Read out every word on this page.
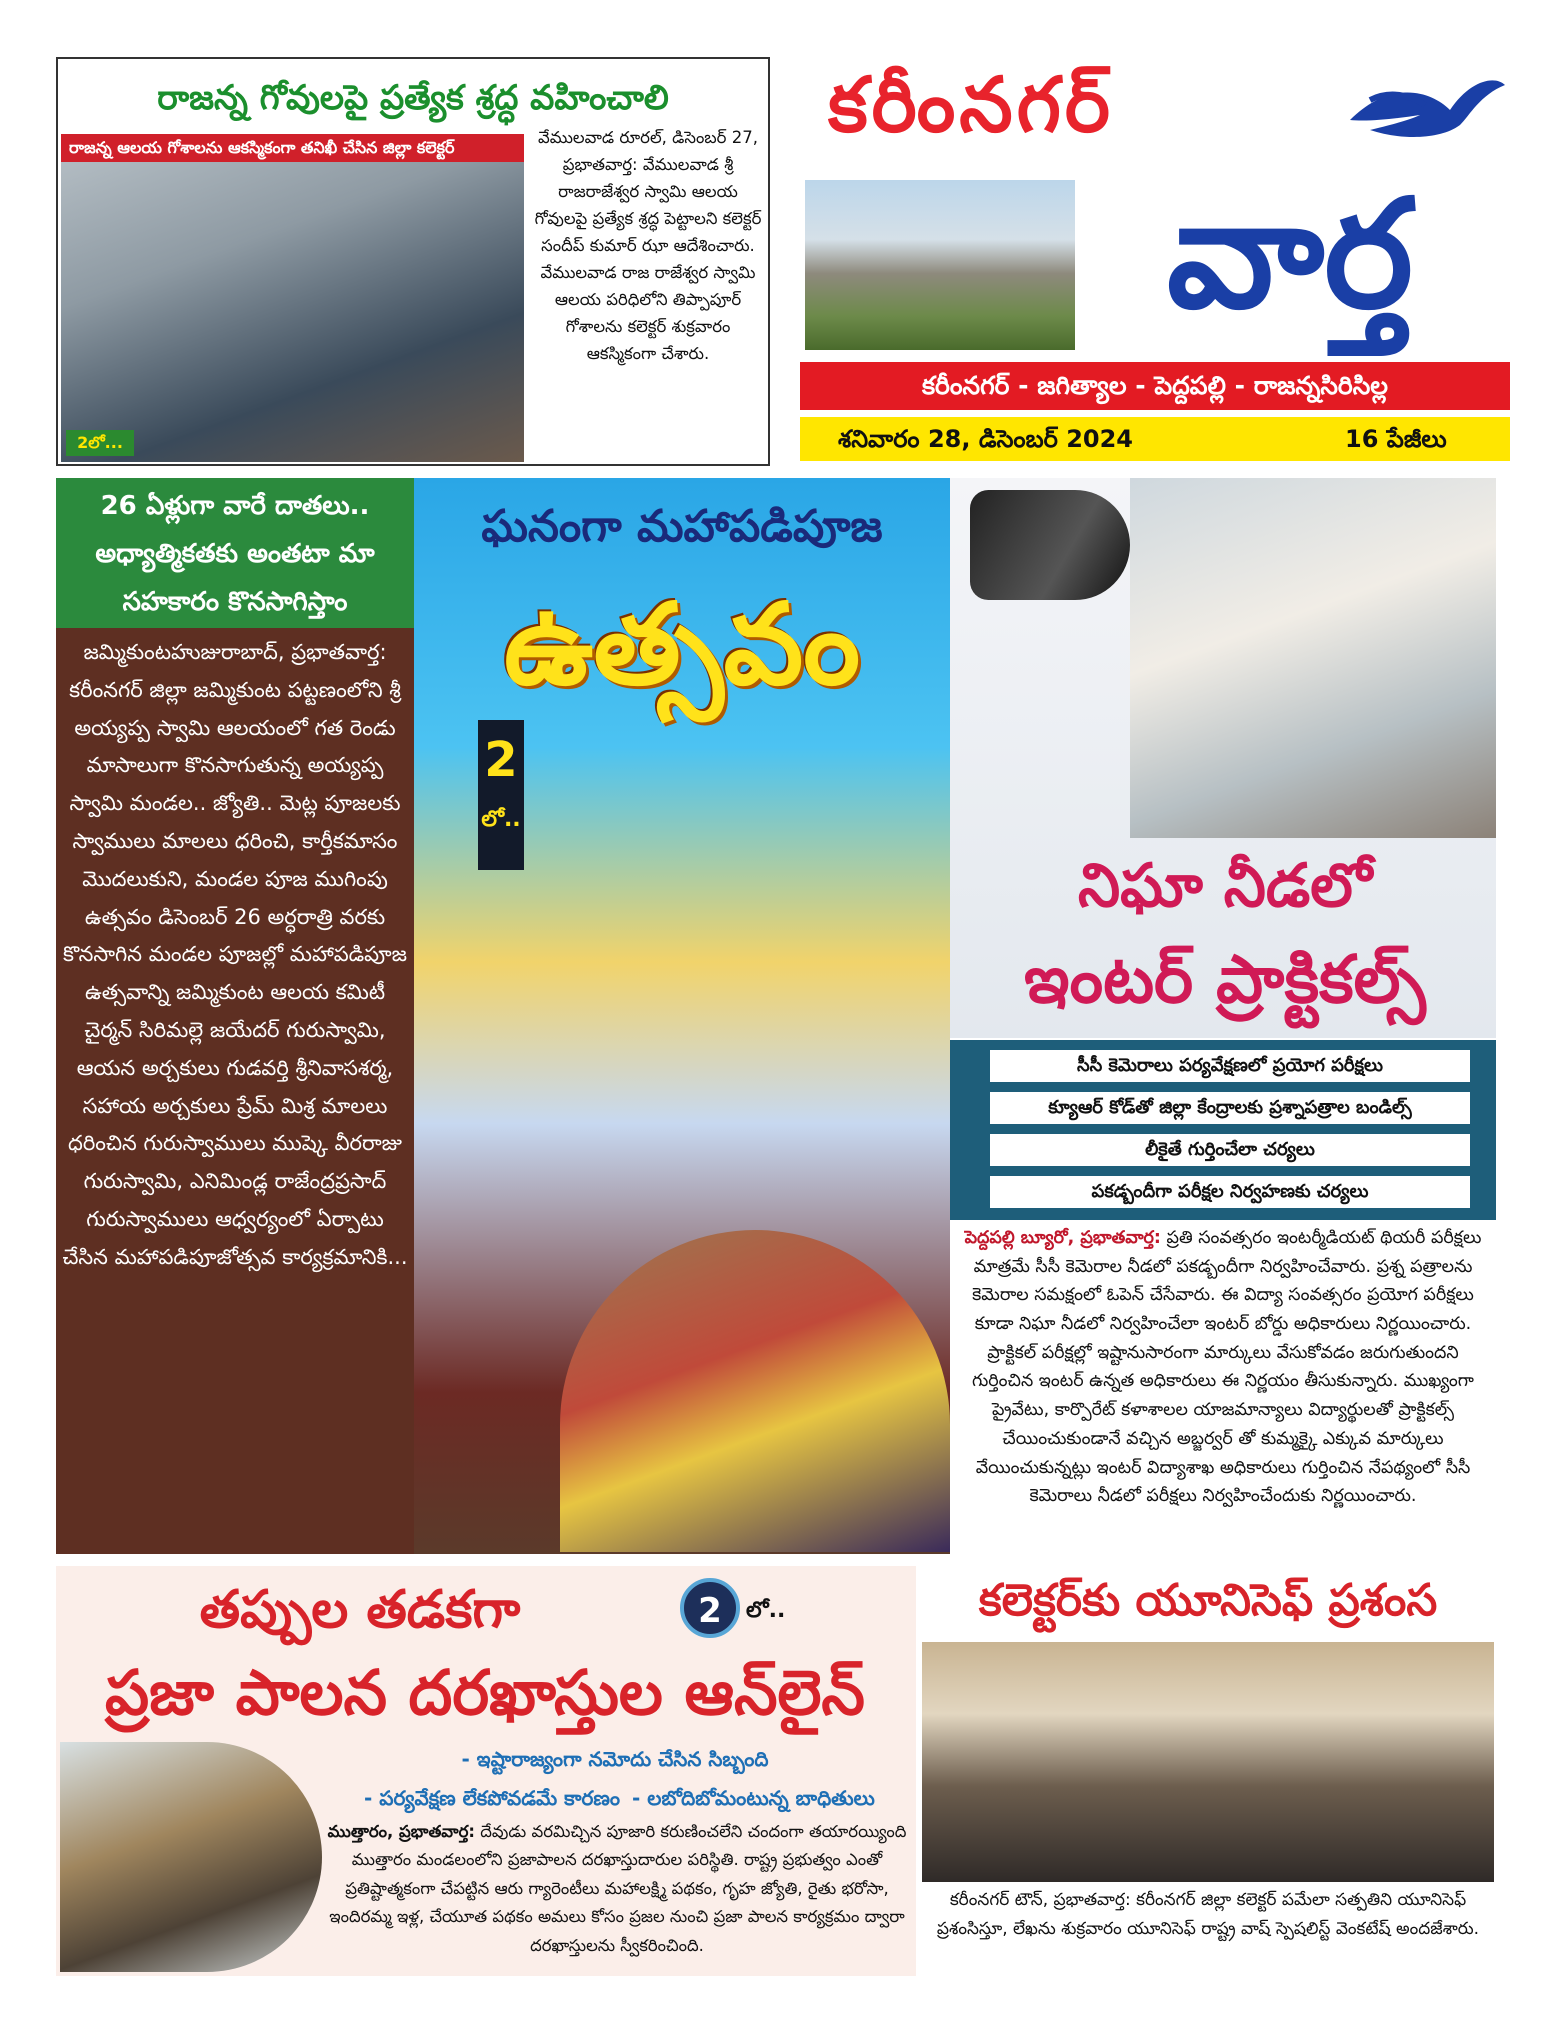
రాజన్న గోవులపై ప్రత్యేక శ్రద్ధ వహించాలి
రాజన్న ఆలయ గోశాలను ఆకస్మికంగా తనిఖీ చేసిన జిల్లా కలెక్టర్
2లో...
వేములవాడ రూరల్, డిసెంబర్ 27, ప్రభాతవార్త: వేములవాడ శ్రీ రాజరాజేశ్వర స్వామి ఆలయ గోవులపై ప్రత్యేక శ్రద్ధ పెట్టాలని కలెక్టర్ సందీప్ కుమార్ ఝా ఆదేశించారు. వేములవాడ రాజ రాజేశ్వర స్వామి ఆలయ పరిధిలోని తిప్పాపూర్ గోశాలను కలెక్టర్ శుక్రవారం ఆకస్మికంగా చేశారు.
కరీంనగర్
వార్త
కరీంనగర్ - జగిత్యాల - పెద్దపల్లి - రాజన్నసిరిసిల్ల
శనివారం 28, డిసెంబర్ 2024	16 పేజీలు
26 ఏళ్లుగా వారే దాతలు.. అధ్యాత్మికతకు అంతటా మా సహకారం కొనసాగిస్తాం
జమ్మికుంటహుజురాబాద్, ప్రభాతవార్త: కరీంనగర్ జిల్లా జమ్మికుంట పట్టణంలోని శ్రీ అయ్యప్ప స్వామి ఆలయంలో గత రెండు మాసాలుగా కొనసాగుతున్న అయ్యప్ప స్వామి మండల.. జ్యోతి.. మెట్ల పూజలకు స్వాములు మాలలు ధరించి, కార్తీకమాసం మొదలుకుని, మండల పూజ ముగింపు ఉత్సవం డిసెంబర్ 26 అర్ధరాత్రి వరకు కొనసాగిన మండల పూజల్లో మహాపడిపూజ ఉత్సవాన్ని జమ్మికుంట ఆలయ కమిటీ చైర్మన్ సిరిమల్లె జయేదర్ గురుస్వామి, ఆయన అర్చకులు గుడవర్తి శ్రీనివాసశర్మ, సహాయ అర్చకులు ప్రేమ్ మిశ్ర మాలలు ధరించిన గురుస్వాములు ముష్కె వీరరాజు గురుస్వామి, ఎనిమిండ్ల రాజేంద్రప్రసాద్ గురుస్వాములు ఆధ్వర్యంలో ఏర్పాటు చేసిన మహాపడిపూజోత్సవ కార్యక్రమానికి...
ఘనంగా మహాపడిపూజ
ఉత్సవం
2
లో..
నిఘా నీడలో
ఇంటర్ ప్రాక్టికల్స్
సీసీ కెమెరాలు పర్యవేక్షణలో ప్రయోగ పరీక్షలు
క్యూఆర్ కోడ్‌తో జిల్లా కేంద్రాలకు ప్రశ్నాపత్రాల బండిల్స్
లీకైతే గుర్తించేలా చర్యలు
పకడ్బందీగా పరీక్షల నిర్వహణకు చర్యలు
పెద్దపల్లి బ్యూరో, ప్రభాతవార్త: ప్రతి సంవత్సరం ఇంటర్మీడియట్ థియరీ పరీక్షలు మాత్రమే సీసీ కెమెరాల నీడలో పకడ్బందీగా నిర్వహించేవారు. ప్రశ్న పత్రాలను కెమెరాల సమక్షంలో ఓపెన్ చేసేవారు. ఈ విద్యా సంవత్సరం ప్రయోగ పరీక్షలు కూడా నిఘా నీడలో నిర్వహించేలా ఇంటర్ బోర్డు అధికారులు నిర్ణయించారు. ప్రాక్టికల్ పరీక్షల్లో ఇష్టానుసారంగా మార్కులు వేసుకోవడం జరుగుతుందని గుర్తించిన ఇంటర్ ఉన్నత అధికారులు ఈ నిర్ణయం తీసుకున్నారు. ముఖ్యంగా ప్రైవేటు, కార్పొరేట్ కళాశాలల యాజమాన్యాలు విద్యార్థులతో ప్రాక్టికల్స్ చేయించుకుండానే వచ్చిన అబ్జర్వర్ తో కుమ్మక్కై ఎక్కువ మార్కులు వేయించుకున్నట్లు ఇంటర్ విద్యాశాఖ అధికారులు గుర్తించిన నేపథ్యంలో సీసీ కెమెరాలు నీడలో పరీక్షలు నిర్వహించేందుకు నిర్ణయించారు.
తప్పుల తడకగా	2	లో..
ప్రజా పాలన దరఖాస్తుల ఆన్‌లైన్
- ఇష్టారాజ్యంగా నమోదు చేసిన సిబ్బంది
- పర్యవేక్షణ లేకపోవడమే కారణం - లబోదిబోమంటున్న బాధితులు
ముత్తారం, ప్రభాతవార్త: దేవుడు వరమిచ్చిన పూజారి కరుణించలేని చందంగా తయారయ్యింది ముత్తారం మండలంలోని ప్రజాపాలన దరఖాస్తుదారుల పరిస్థితి. రాష్ట్ర ప్రభుత్వం ఎంతో ప్రతిష్టాత్మకంగా చేపట్టిన ఆరు గ్యారెంటీలు మహాలక్ష్మి పథకం, గృహ జ్యోతి, రైతు భరోసా, ఇందిరమ్మ ఇళ్ల, చేయూత పథకం అమలు కోసం ప్రజల నుంచి ప్రజా పాలన కార్యక్రమం ద్వారా దరఖాస్తులను స్వీకరించింది.
కలెక్టర్‌కు యూనిసెఫ్ ప్రశంస
కరీంనగర్ టౌన్, ప్రభాతవార్త: కరీంనగర్ జిల్లా కలెక్టర్ పమేలా సత్పతిని యూనిసెఫ్ ప్రశంసిస్తూ, లేఖను శుక్రవారం యూనిసెఫ్ రాష్ట్ర వాష్ స్పెషలిస్ట్ వెంకటేష్ అందజేశారు.
